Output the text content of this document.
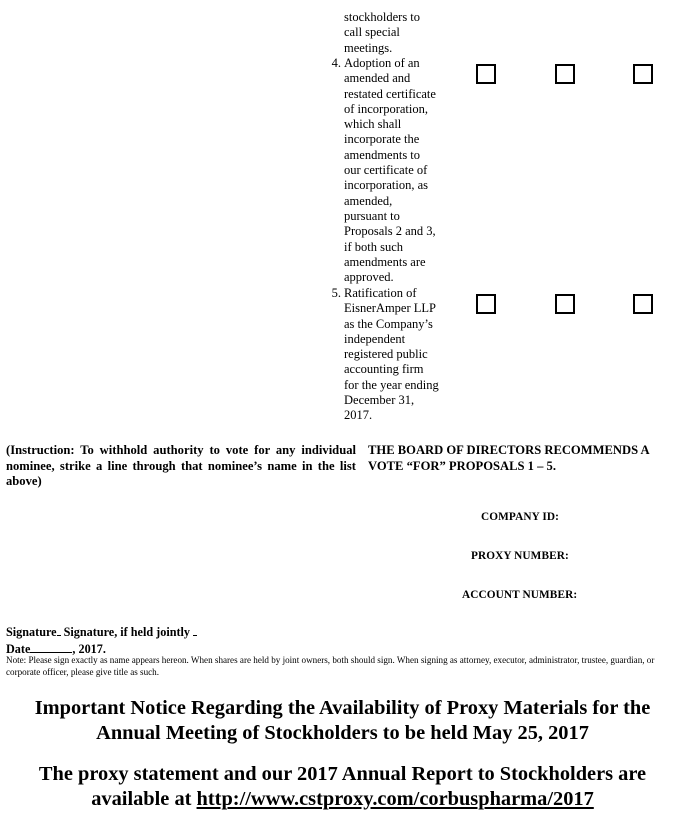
stockholders to
call special
meetings.
4. Adoption of an
amended and
restated certificate
of incorporation,
which shall
incorporate the
amendments to
our certificate of
incorporation, as
amended,
pursuant to
Proposals 2 and 3,
if both such
amendments are
approved.
5. Ratification of
EisnerAmper LLP
as the Company’s
independent
registered public
accounting firm
for the year ending
December 31,
2017.
(Instruction: To withhold authority to vote for any individual nominee, strike a line through that nominee’s name in the list above)
THE BOARD OF DIRECTORS RECOMMENDS A VOTE “FOR” PROPOSALS 1 – 5.
COMPANY ID:
PROXY NUMBER:
ACCOUNT NUMBER:
Signature Signature, if held jointly
Date	, 2017.
Note: Please sign exactly as name appears hereon. When shares are held by joint owners, both should sign. When signing as attorney, executor, administrator, trustee, guardian, or corporate officer, please give title as such.
Important Notice Regarding the Availability of Proxy Materials for the
Annual Meeting of Stockholders to be held May 25, 2017
The proxy statement and our 2017 Annual Report to Stockholders are
available at http://www.cstproxy.com/corbuspharma/2017
